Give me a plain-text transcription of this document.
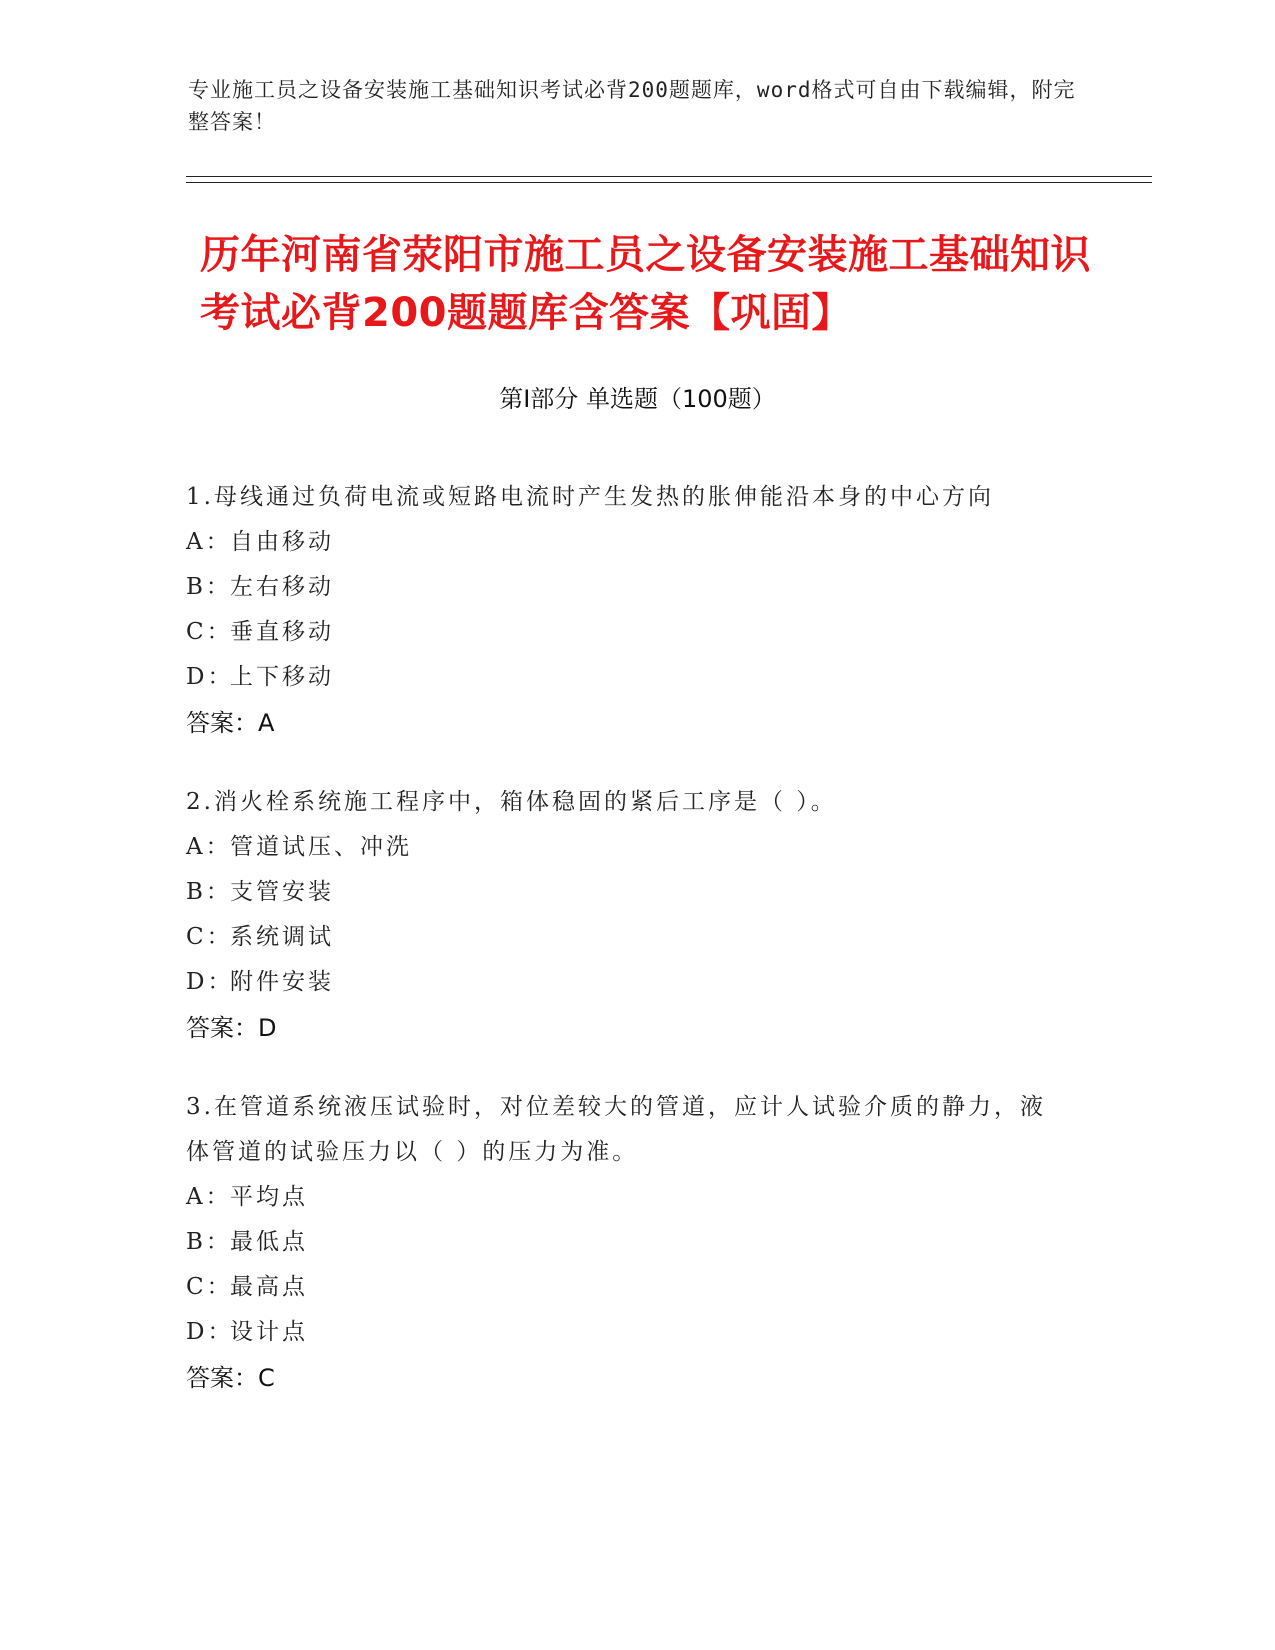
专业施工员之设备安装施工基础知识考试必背200题题库，word格式可自由下载编辑，附完整答案！
历年河南省荥阳市施工员之设备安装施工基础知识考试必背200题题库含答案【巩固】
第I部分 单选题（100题）
1.母线通过负荷电流或短路电流时产生发热的胀伸能沿本身的中心方向
A：自由移动
B：左右移动
C：垂直移动
D：上下移动
答案：A
2.消火栓系统施工程序中，箱体稳固的紧后工序是（ ）。
A：管道试压、冲洗
B：支管安装
C：系统调试
D：附件安装
答案：D
3.在管道系统液压试验时，对位差较大的管道，应计人试验介质的静力，液体管道的试验压力以（ ）的压力为准。
A：平均点
B：最低点
C：最高点
D：设计点
答案：C
